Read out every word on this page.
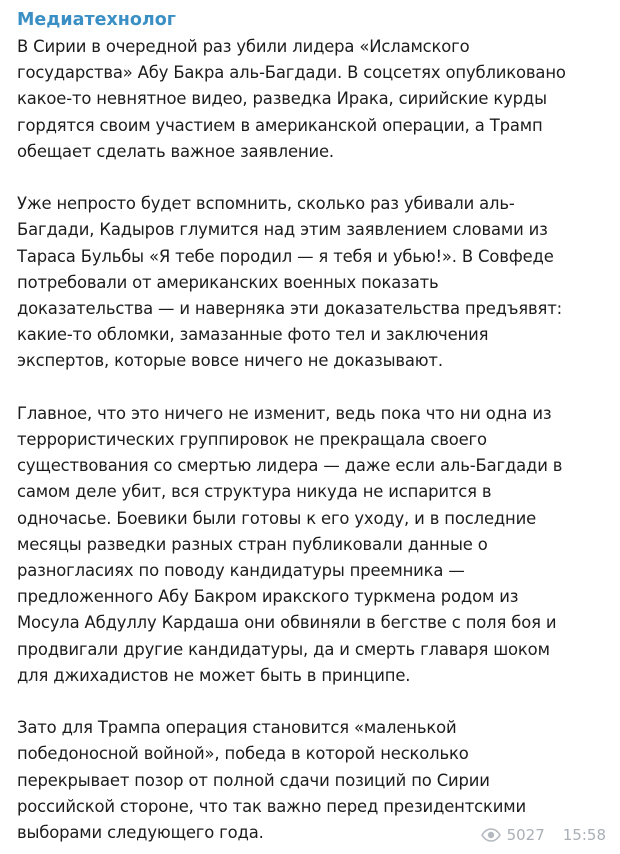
Медиатехнолог
В Сирии в очередной раз убили лидера «Исламского
государства» Абу Бакра аль-Багдади. В соцсетях опубликовано
какое-то невнятное видео, разведка Ирака, сирийские курды
гордятся своим участием в американской операции, а Трамп
обещает сделать важное заявление.
Уже непросто будет вспомнить, сколько раз убивали аль-
Багдади, Кадыров глумится над этим заявлением словами из
Тараса Бульбы «Я тебе породил — я тебя и убью!». В Совфеде
потребовали от американских военных показать
доказательства — и наверняка эти доказательства предъявят:
какие-то обломки, замазанные фото тел и заключения
экспертов, которые вовсе ничего не доказывают.
Главное, что это ничего не изменит, ведь пока что ни одна из
террористических группировок не прекращала своего
существования со смертью лидера — даже если аль-Багдади в
самом деле убит, вся структура никуда не испарится в
одночасье. Боевики были готовы к его уходу, и в последние
месяцы разведки разных стран публиковали данные о
разногласиях по поводу кандидатуры преемника —
предложенного Абу Бакром иракского туркмена родом из
Мосула Абдуллу Кардаша они обвиняли в бегстве с поля боя и
продвигали другие кандидатуры, да и смерть главаря шоком
для джихадистов не может быть в принципе.
Зато для Трампа операция становится «маленькой
победоносной войной», победа в которой несколько
перекрывает позор от полной сдачи позиций по Сирии
российской стороне, что так важно перед президентскими
выборами следующего года.	5027 15:58
